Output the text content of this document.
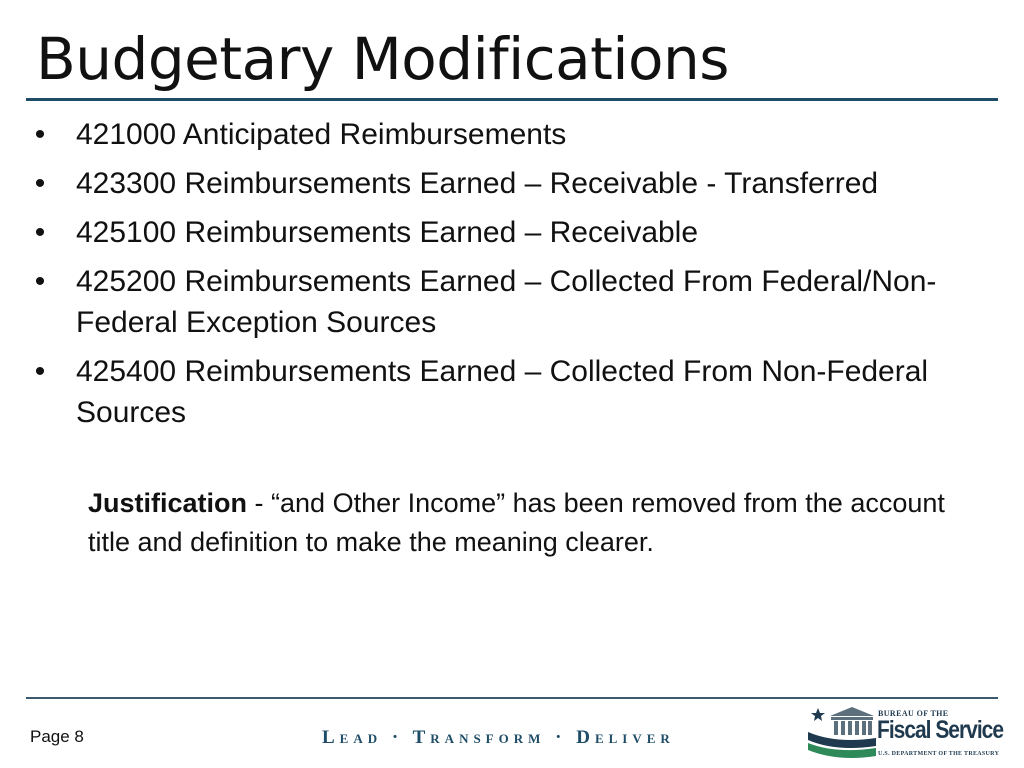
Budgetary Modifications
• 421000 Anticipated Reimbursements
• 423300 Reimbursements Earned – Receivable - Transferred
• 425100 Reimbursements Earned – Receivable
• 425200 Reimbursements Earned – Collected From Federal/Non-Federal Exception Sources
• 425400 Reimbursements Earned – Collected From Non-Federal Sources
Justification - “and Other Income” has been removed from the account title and definition to make the meaning clearer.
Page 8	Lead · Transform · Deliver
BUREAU OF THE
Fiscal Service
U.S. DEPARTMENT OF THE TREASURY
